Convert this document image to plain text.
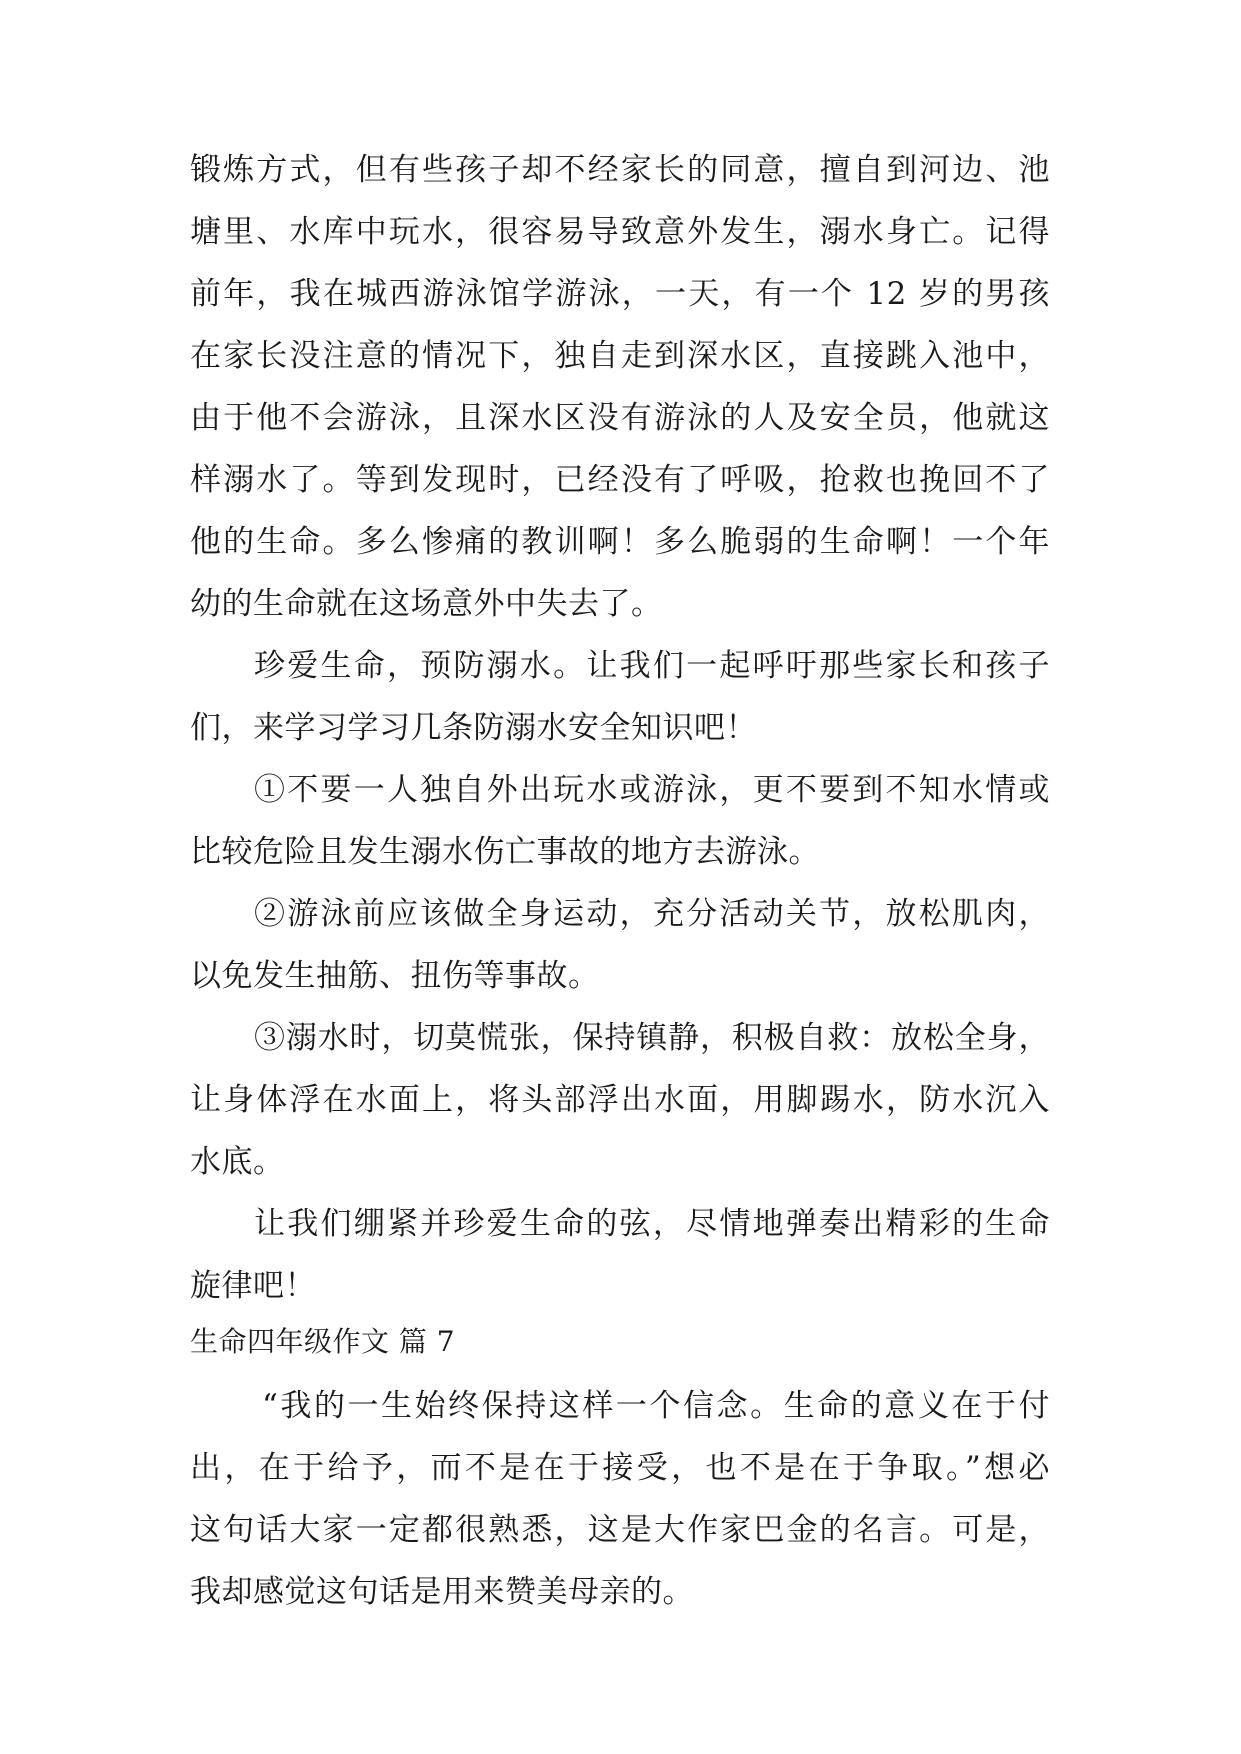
锻炼方式，但有些孩子却不经家长的同意，擅自到河边、池
塘里、水库中玩水，很容易导致意外发生，溺水身亡。记得
前年，我在城西游泳馆学游泳，一天，有一个 12 岁的男孩
在家长没注意的情况下，独自走到深水区，直接跳入池中，
由于他不会游泳，且深水区没有游泳的人及安全员，他就这
样溺水了。等到发现时，已经没有了呼吸，抢救也挽回不了
他的生命。多么惨痛的教训啊！多么脆弱的生命啊！一个年
幼的生命就在这场意外中失去了。
珍爱生命，预防溺水。让我们一起呼吁那些家长和孩子
们，来学习学习几条防溺水安全知识吧！
①不要一人独自外出玩水或游泳，更不要到不知水情或
比较危险且发生溺水伤亡事故的地方去游泳。
②游泳前应该做全身运动，充分活动关节，放松肌肉，
以免发生抽筋、扭伤等事故。
③溺水时，切莫慌张，保持镇静，积极自救：放松全身，
让身体浮在水面上，将头部浮出水面，用脚踢水，防水沉入
水底。
让我们绷紧并珍爱生命的弦，尽情地弹奏出精彩的生命
旋律吧！
生命四年级作文 篇 7
“我的一生始终保持这样一个信念。生命的意义在于付
出，在于给予，而不是在于接受，也不是在于争取。”想必
这句话大家一定都很熟悉，这是大作家巴金的名言。可是，
我却感觉这句话是用来赞美母亲的。
